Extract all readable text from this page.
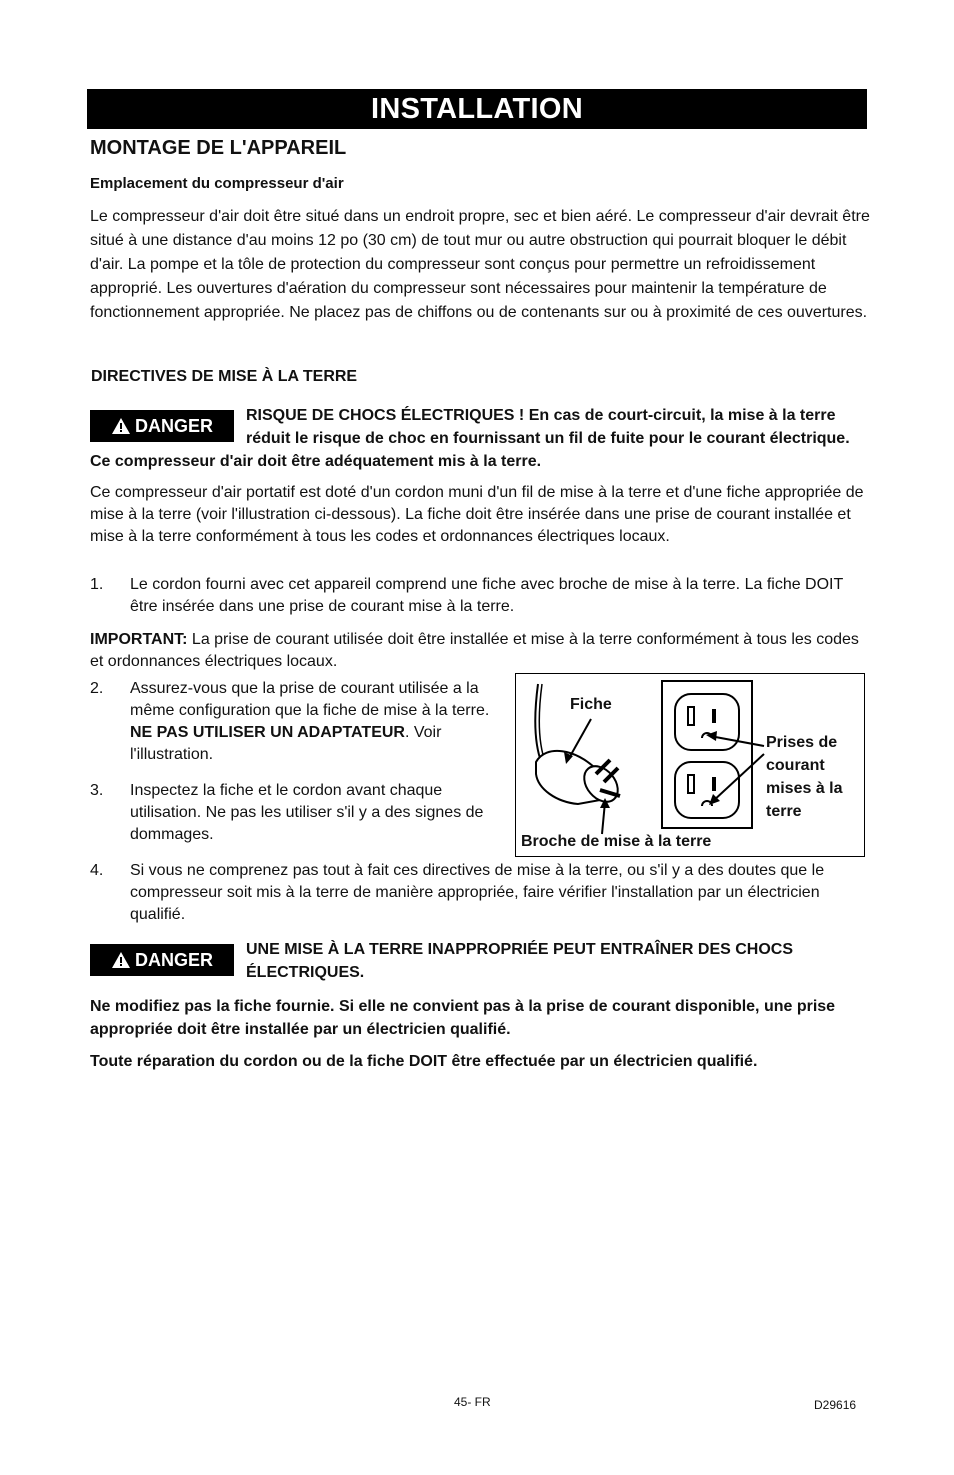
INSTALLATION
MONTAGE DE L'APPAREIL
Emplacement du compresseur d'air
Le compresseur d'air doit être situé dans un endroit propre, sec et bien aéré. Le compresseur d'air devrait être situé à une distance d'au moins 12 po (30 cm) de tout mur ou autre obstruction qui pourrait bloquer le débit d'air. La pompe et la tôle de protection du compresseur sont conçus pour permettre un refroidissement approprié. Les ouvertures d'aération du compresseur sont nécessaires pour maintenir la température de fonctionnement appropriée. Ne placez pas de chiffons ou de contenants sur ou à proximité de ces ouvertures.
DIRECTIVES DE MISE À LA TERRE
DANGER
RISQUE DE CHOCS ÉLECTRIQUES ! En cas de court-circuit, la mise à la terre réduit le risque de choc en fournissant un fil de fuite pour le courant électrique. Ce compresseur d'air doit être adéquatement mis à la terre.
Ce compresseur d'air portatif est doté d'un cordon muni d'un fil de mise à la terre et d'une fiche appropriée de mise à la terre (voir l'illustration ci-dessous). La fiche doit être insérée dans une prise de courant installée et mise à la terre conformément à tous les codes et ordonnances électriques locaux.
1.	Le cordon fourni avec cet appareil comprend une fiche avec broche de mise à la terre. La fiche DOIT être insérée dans une prise de courant mise à la terre.
IMPORTANT: La prise de courant utilisée doit être installée et mise à la terre conformément à tous les codes et ordonnances électriques locaux.
2.	Assurez-vous que la prise de courant utilisée a la même configuration que la fiche de mise à la terre. NE PAS UTILISER UN ADAPTATEUR. Voir l'illustration.
3.	Inspectez la fiche et le cordon avant chaque utilisation. Ne pas les utiliser s'il y a des signes de dommages.
Fiche
Prises de courant mises à la terre
Broche de mise à la terre
4.	Si vous ne comprenez pas tout à fait ces directives de mise à la terre, ou s'il y a des doutes que le compresseur soit mis à la terre de manière appropriée, faire vérifier l'installation par un électricien qualifié.
DANGER
UNE MISE À LA TERRE INAPPROPRIÉE PEUT ENTRAÎNER DES CHOCS ÉLECTRIQUES.
Ne modifiez pas la fiche fournie. Si elle ne convient pas à la prise de courant disponible, une prise appropriée doit être installée par un électricien qualifié.
Toute réparation du cordon ou de la fiche DOIT être effectuée par un électricien qualifié.
45- FR	D29616
